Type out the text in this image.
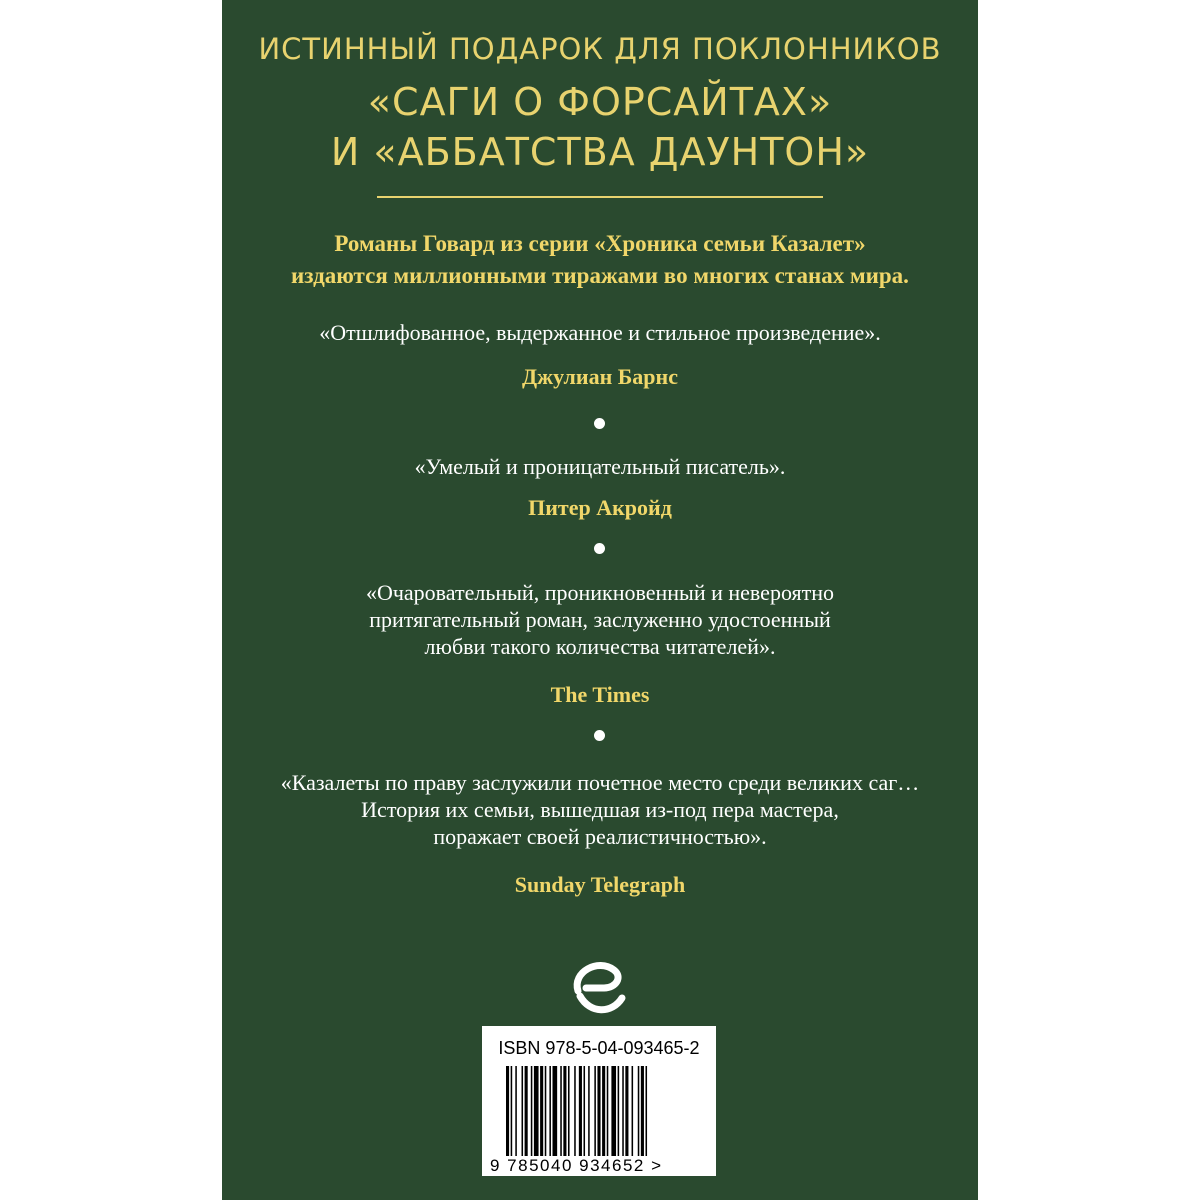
ИСТИННЫЙ ПОДАРОК ДЛЯ ПОКЛОННИКОВ
«САГИ О ФОРСАЙТАХ»
И «АББАТСТВА ДАУНТОН»
Романы Говард из серии «Хроника семьи Казалет»
издаются миллионными тиражами во многих станах мира.
«Отшлифованное, выдержанное и стильное произведение».
Джулиан Барнс
«Умелый и проницательный писатель».
Питер Акройд
«Очаровательный, проникновенный и невероятно
притягательный роман, заслуженно удостоенный
любви такого количества читателей».
The Times
«Казалеты по праву заслужили почетное место среди великих саг…
История их семьи, вышедшая из-под пера мастера,
поражает своей реалистичностью».
Sunday Telegraph
ISBN 978-5-04-093465-2
9 785040 934652 >
